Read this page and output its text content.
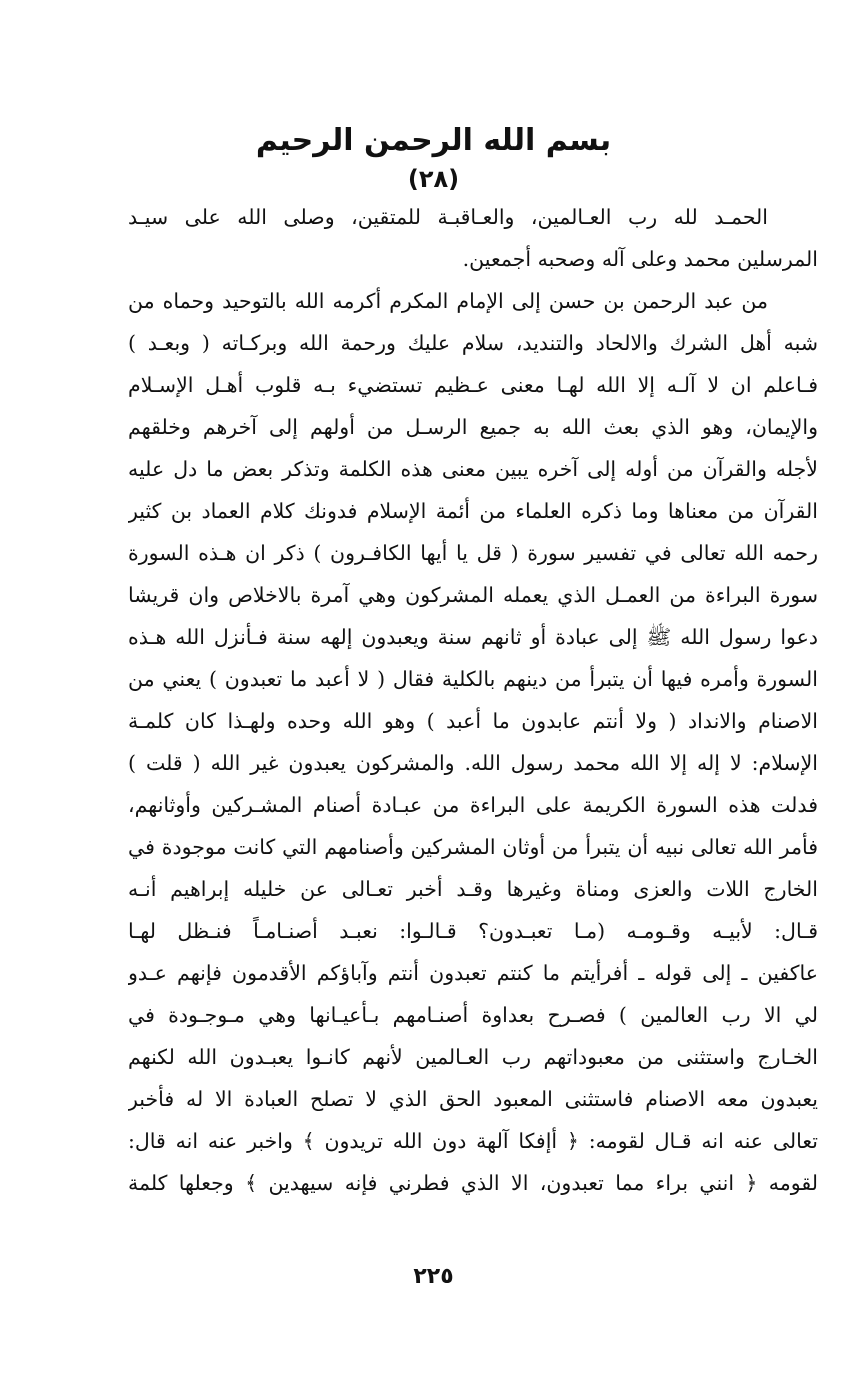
بسم الله الرحمن الرحيم
(٢٨)
الحمـد لله رب العـالمين، والعـاقبـة للمتقين، وصلى الله على سيـد
المرسلين محمد وعلى آله وصحبه أجمعين.
من عبد الرحمن بن حسن إلى الإمام المكرم أكرمه الله بالتوحيد وحماه من
شبه أهل الشرك والالحاد والتنديد، سلام عليك ورحمة الله وبركـاته ( وبعـد )
فـاعلم ان لا آلـه إلا الله لهـا معنى عـظيم تستضيء بـه قلوب أهـل الإسـلام
والإيمان، وهو الذي بعث الله به جميع الرسـل من أولهم إلى آخرهم وخلقهم
لأجله والقرآن من أوله إلى آخره يبين معنى هذه الكلمة وتذكر بعض ما دل عليه
القرآن من معناها وما ذكره العلماء من أئمة الإسلام فدونك كلام العماد بن كثير
رحمه الله تعالى في تفسير سورة ( قل يا أيها الكافـرون ) ذكر ان هـذه السورة
سورة البراءة من العمـل الذي يعمله المشركون وهي آمرة بالاخلاص وان قريشا
دعوا رسول الله ﷺ إلى عبادة أو ثانهم سنة ويعبدون إلهه سنة فـأنزل الله هـذه
السورة وأمره فيها أن يتبرأ من دينهم بالكلية فقال ( لا أعبد ما تعبدون ) يعني من
الاصنام والانداد ( ولا أنتم عابدون ما أعبد ) وهو الله وحده ولهـذا كان كلمـة
الإسلام: لا إله إلا الله محمد رسول الله. والمشركون يعبدون غير الله ( قلت )
فدلت هذه السورة الكريمة على البراءة من عبـادة أصنام المشـركين وأوثانهم،
فأمر الله تعالى نبيه أن يتبرأ من أوثان المشركين وأصنامهم التي كانت موجودة في
الخارج اللات والعزى ومناة وغيرها وقـد أخبر تعـالى عن خليله إبراهيم أنـه
قـال: لأبيـه وقـومـه (مـا تعبـدون؟ قـالـوا: نعبـد أصنـامـاً فنـظل لهـا
عاكفين ـ إلى قوله ـ أفرأيتم ما كنتم تعبدون أنتم وآباؤكم الأقدمون فإنهم عـدو
لي الا رب العالمين ) فصـرح بعداوة أصنـامهم بـأعيـانها وهي مـوجـودة في
الخـارج واستثنى من معبوداتهم رب العـالمين لأنهم كانـوا يعبـدون الله لكنهم
يعبدون معه الاصنام فاستثنى المعبود الحق الذي لا تصلح العبادة الا له فأخبر
تعالى عنه انه قـال لقومه: ﴿ أإفكا آلهة دون الله تريدون ﴾ واخبر عنه انه قال:
لقومه ﴿ انني براء مما تعبدون، الا الذي فطرني فإنه سيهدين ﴾ وجعلها كلمة
٢٢٥
